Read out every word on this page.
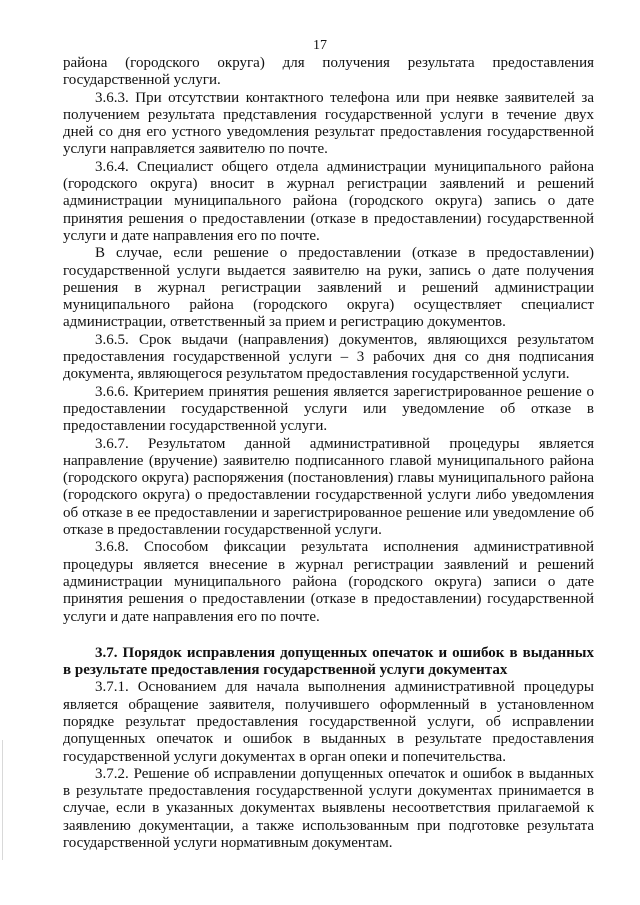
17

района (городского округа) для получения результата предоставления государственной услуги.

3.6.3. При отсутствии контактного телефона или при неявке заявителей за получением результата представления государственной услуги в течение двух дней со дня его устного уведомления результат предоставления государственной услуги направляется заявителю по почте.

3.6.4. Специалист общего отдела администрации муниципального района (городского округа) вносит в журнал регистрации заявлений и решений администрации муниципального района (городского округа) запись о дате принятия решения о предоставлении (отказе в предоставлении) государственной услуги и дате направления его по почте.

В случае, если решение о предоставлении (отказе в предоставлении) государственной услуги выдается заявителю на руки, запись о дате получения решения в журнал регистрации заявлений и решений администрации муниципального района (городского округа) осуществляет специалист администрации, ответственный за прием и регистрацию документов.

3.6.5. Срок выдачи (направления) документов, являющихся результатом предоставления государственной услуги – 3 рабочих дня со дня подписания документа, являющегося результатом предоставления государственной услуги.

3.6.6. Критерием принятия решения является зарегистрированное решение о предоставлении государственной услуги или уведомление об отказе в предоставлении государственной услуги.

3.6.7. Результатом данной административной процедуры является направление (вручение) заявителю подписанного главой муниципального района (городского округа) распоряжения (постановления) главы муниципального района (городского округа) о предоставлении государственной услуги либо уведомления об отказе в ее предоставлении и зарегистрированное решение или уведомление об отказе в предоставлении государственной услуги.

3.6.8. Способом фиксации результата исполнения административной процедуры является внесение в журнал регистрации заявлений и решений администрации муниципального района (городского округа) записи о дате принятия решения о предоставлении (отказе в предоставлении) государственной услуги и дате направления его по почте.

3.7. Порядок исправления допущенных опечаток и ошибок в выданных в результате предоставления государственной услуги документах

3.7.1. Основанием для начала выполнения административной процедуры является обращение заявителя, получившего оформленный в установленном порядке результат предоставления государственной услуги, об исправлении допущенных опечаток и ошибок в выданных в результате предоставления государственной услуги документах в орган опеки и попечительства.

3.7.2. Решение об исправлении допущенных опечаток и ошибок в выданных в результате предоставления государственной услуги документах принимается в случае, если в указанных документах выявлены несоответствия прилагаемой к заявлению документации, а также использованным при подготовке результата государственной услуги нормативным документам.
